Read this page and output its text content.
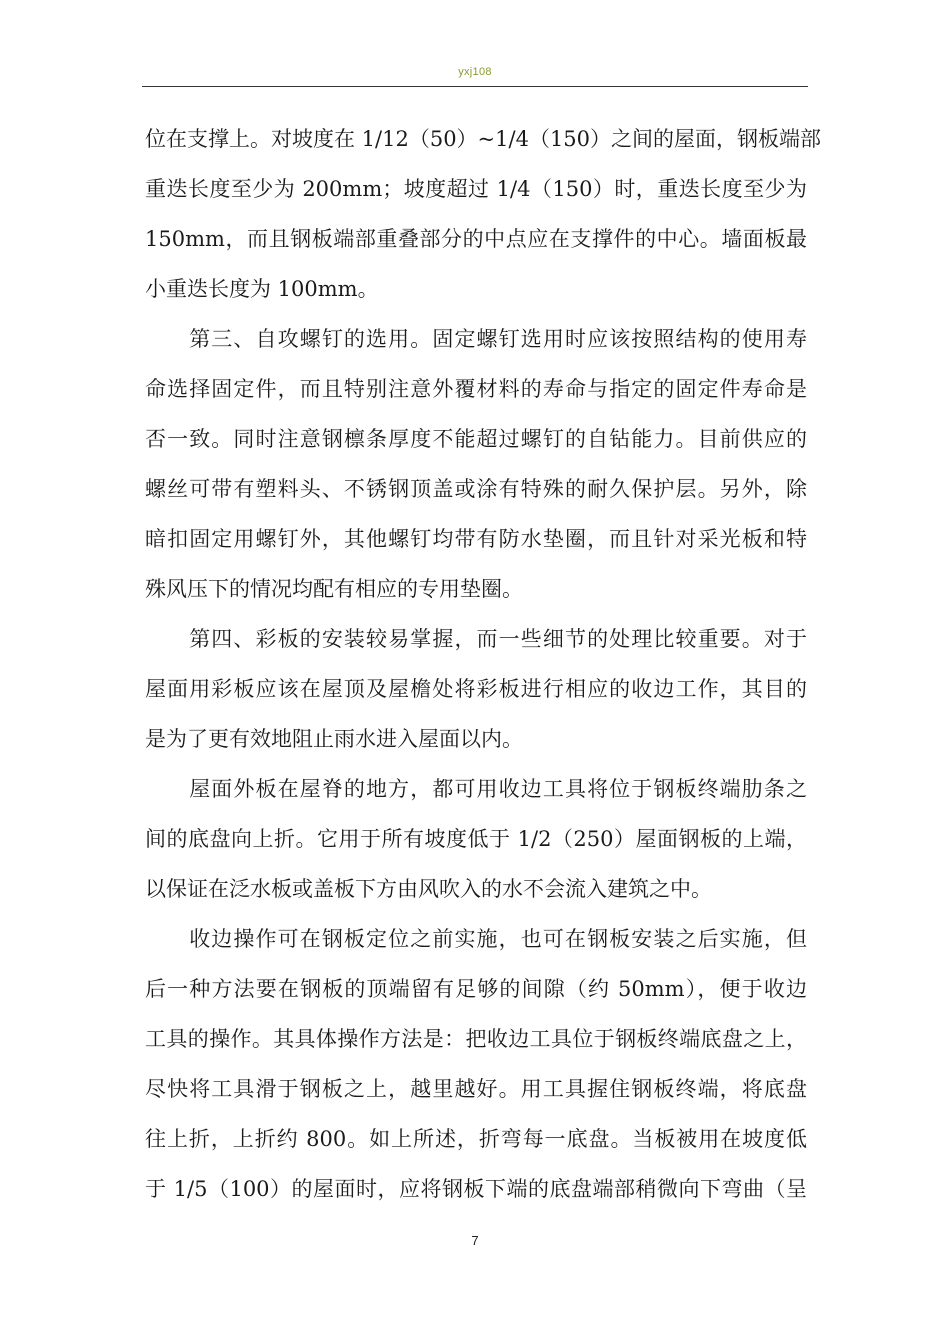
yxj108
位在支撑上。对坡度在 1/12（50）~1/4（150）之间的屋面，钢板端部
重迭长度至少为 200mm；坡度超过 1/4（150）时，重迭长度至少为
150mm，而且钢板端部重叠部分的中点应在支撑件的中心。墙面板最
小重迭长度为 100mm。
　　第三、自攻螺钉的选用。固定螺钉选用时应该按照结构的使用寿
命选择固定件，而且特别注意外覆材料的寿命与指定的固定件寿命是
否一致。同时注意钢檩条厚度不能超过螺钉的自钻能力。目前供应的
螺丝可带有塑料头、不锈钢顶盖或涂有特殊的耐久保护层。另外，除
暗扣固定用螺钉外，其他螺钉均带有防水垫圈，而且针对采光板和特
殊风压下的情况均配有相应的专用垫圈。
　　第四、彩板的安装较易掌握，而一些细节的处理比较重要。对于
屋面用彩板应该在屋顶及屋檐处将彩板进行相应的收边工作，其目的
是为了更有效地阻止雨水进入屋面以内。
　　屋面外板在屋脊的地方，都可用收边工具将位于钢板终端肋条之
间的底盘向上折。它用于所有坡度低于 1/2（250）屋面钢板的上端，
以保证在泛水板或盖板下方由风吹入的水不会流入建筑之中。
　　收边操作可在钢板定位之前实施，也可在钢板安装之后实施，但
后一种方法要在钢板的顶端留有足够的间隙（约 50mm），便于收边
工具的操作。其具体操作方法是：把收边工具位于钢板终端底盘之上，
尽快将工具滑于钢板之上，越里越好。用工具握住钢板终端，将底盘
往上折，上折约 800。如上所述，折弯每一底盘。当板被用在坡度低
于 1/5（100）的屋面时，应将钢板下端的底盘端部稍微向下弯曲（呈
7
